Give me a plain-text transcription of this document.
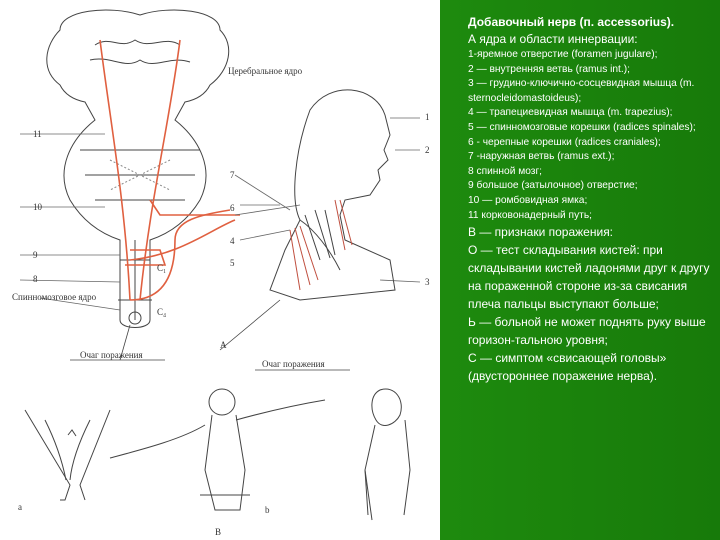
Церебральное ядро
Спинномозговое ядро
Очаг поражения
Очаг поражения
1
2
3
4
5
6
7
8
9
10
11
C₁
C₄
А
а	b
В
а
Добавочный нерв (п. accessorius).
А ядра и области иннервации:
1-яремное отверстие (foramen jugulare);
2 — внутренняя ветвь (ramus int.);
3 — грудино-ключично-сосцевидная мышца (m. sternocleidomastoideus);
4 — трапециевидная мышца (m. trapezius);
5 — спинномозговые корешки (radices spinales);
6 - черепные корешки (radices craniales);
7 -наружная ветвь (ramus ext.);
8 спинной мозг;
9 большое (затылочное) отверстие;
10 — ромбовидная ямка;
11 корковонадерный путь;
В — признаки поражения:
О — тест складывания кистей: при складывании кистей ладонями друг к другу на пораженной стороне из-за свисания плеча пальцы выступают больше;
Ь — больной не может поднять руку выше горизон-тальною уровня;
С — симптом «свисающей головы» (двустороннее поражение нерва).
